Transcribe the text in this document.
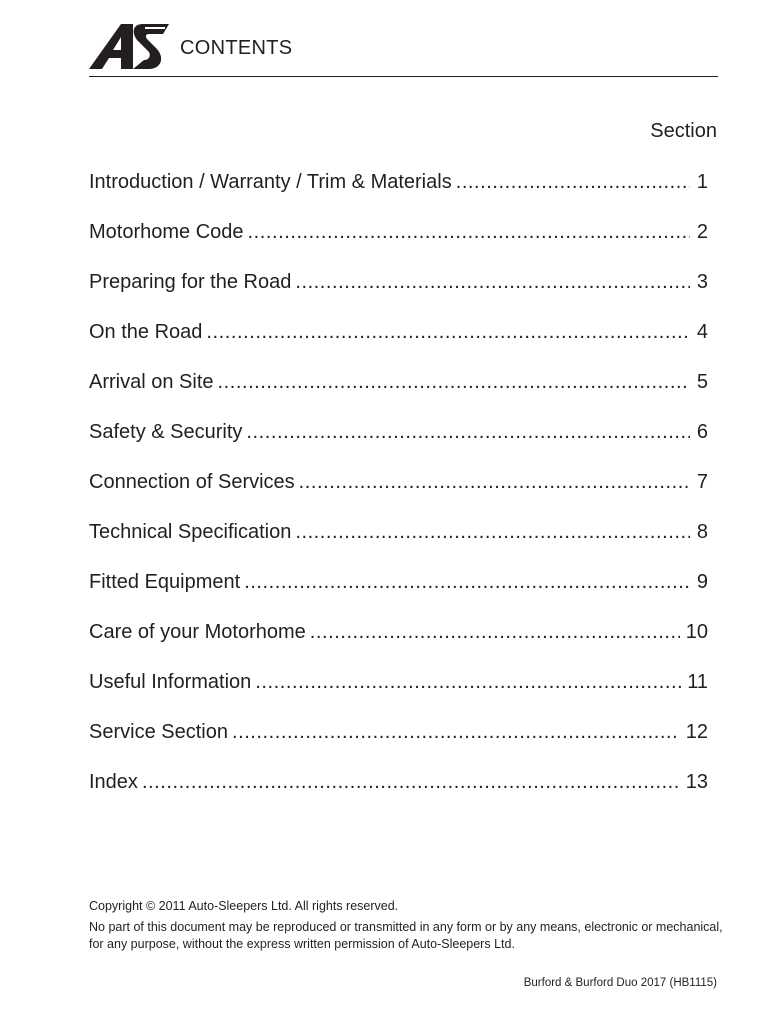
CONTENTS
Section
Introduction / Warranty / Trim & Materials . . .	1
Motorhome Code . . .	2
Preparing for the Road . . .	3
On the Road . . .	4
Arrival on Site . . .	5
Safety & Security . . .	6
Connection of Services . . .	7
Technical Specification . . .	8
Fitted Equipment . . .	9
Care of your Motorhome . . .	10
Useful Information . . .	11
Service Section . . .	12
Index . . .	13
Copyright © 2011 Auto-Sleepers Ltd. All rights reserved.
No part of this document may be reproduced or transmitted in any form or by any means, electronic or mechanical, for any purpose, without the express written permission of Auto-Sleepers Ltd.
Burford & Burford Duo 2017 (HB1115)
